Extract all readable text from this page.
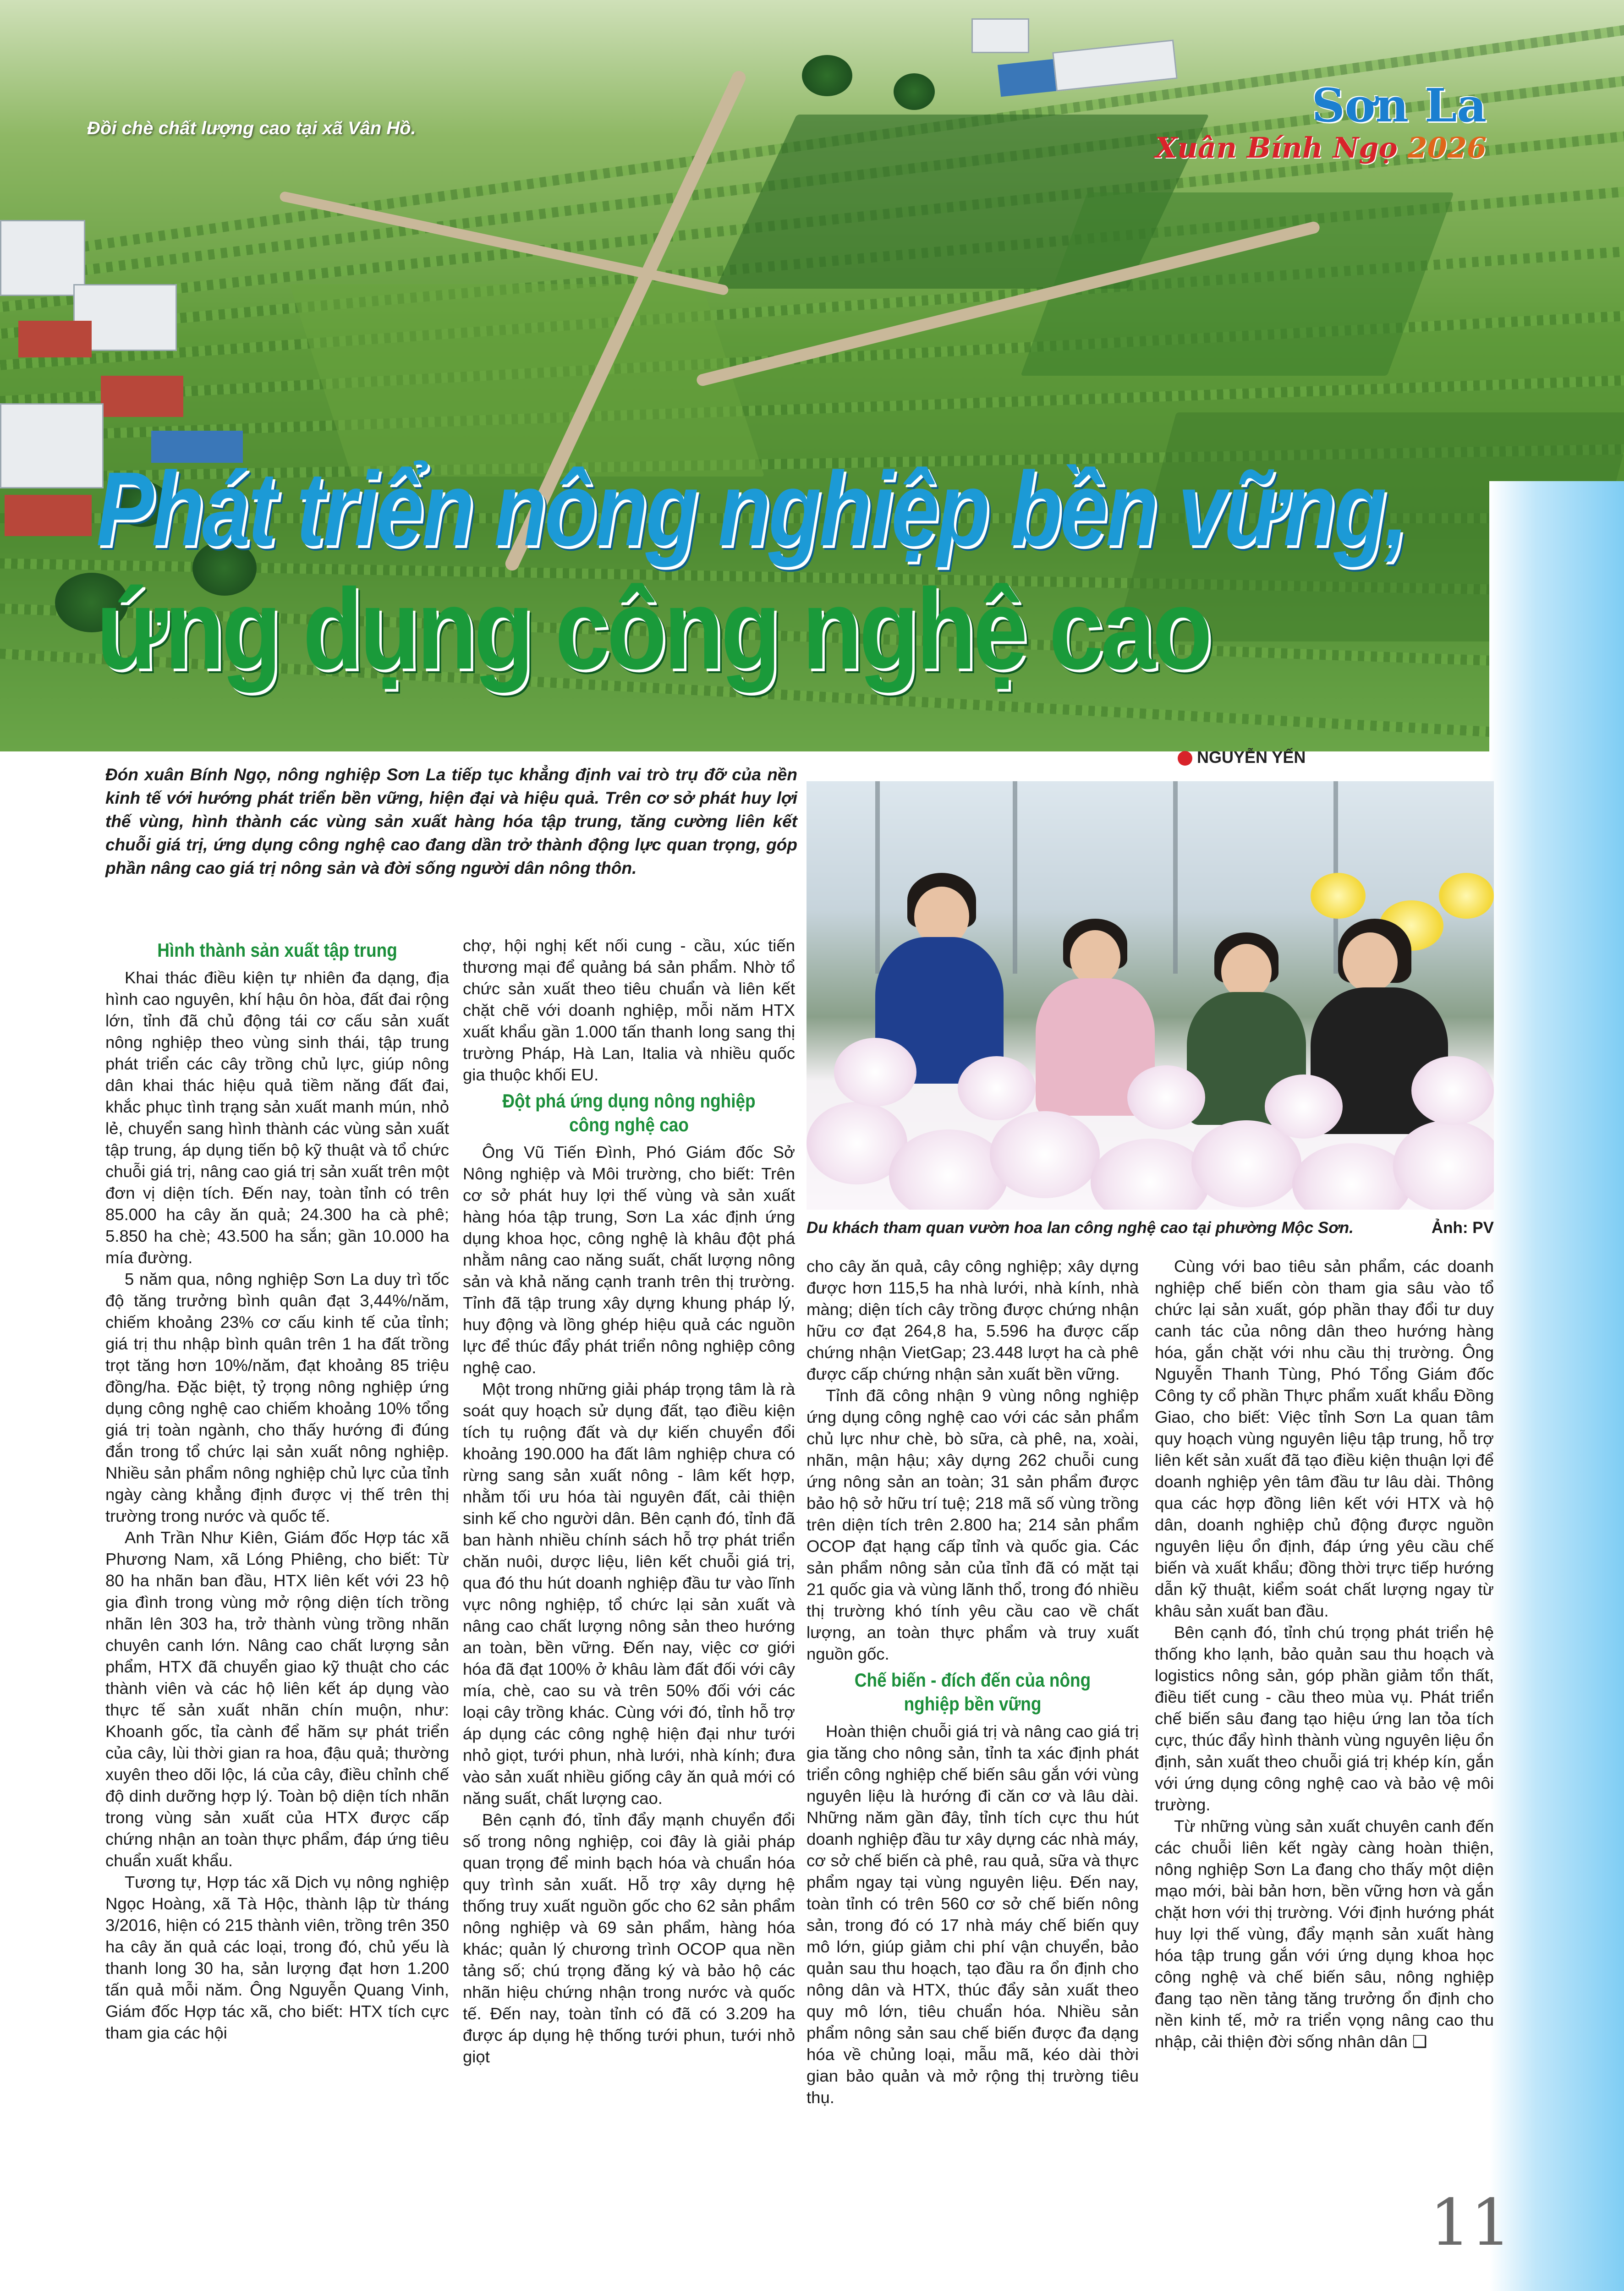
Đồi chè chất lượng cao tại xã Vân Hồ.	Sơn La
Xuân Bính Ngọ 2026
Phát triển nông nghiệp bền vững,
ứng dụng công nghệ cao
NGUYỄN YẾN
Đón xuân Bính Ngọ, nông nghiệp Sơn La tiếp tục khẳng định vai trò trụ đỡ của nền kinh tế với hướng phát triển bền vững, hiện đại và hiệu quả. Trên cơ sở phát huy lợi thế vùng, hình thành các vùng sản xuất hàng hóa tập trung, tăng cường liên kết chuỗi giá trị, ứng dụng công nghệ cao đang dần trở thành động lực quan trọng, góp phần nâng cao giá trị nông sản và đời sống người dân nông thôn.
Du khách tham quan vườn hoa lan công nghệ cao tại phường Mộc Sơn.	Ảnh: PV

Hình thành sản xuất tập trung

Khai thác điều kiện tự nhiên đa dạng, địa hình cao nguyên, khí hậu ôn hòa, đất đai rộng lớn, tỉnh đã chủ động tái cơ cấu sản xuất nông nghiệp theo vùng sinh thái, tập trung phát triển các cây trồng chủ lực, giúp nông dân khai thác hiệu quả tiềm năng đất đai, khắc phục tình trạng sản xuất manh mún, nhỏ lẻ, chuyển sang hình thành các vùng sản xuất tập trung, áp dụng tiến bộ kỹ thuật và tổ chức chuỗi giá trị, nâng cao giá trị sản xuất trên một đơn vị diện tích. Đến nay, toàn tỉnh có trên 85.000 ha cây ăn quả; 24.300 ha cà phê; 5.850 ha chè; 43.500 ha sắn; gần 10.000 ha mía đường.

5 năm qua, nông nghiệp Sơn La duy trì tốc độ tăng trưởng bình quân đạt 3,44%/năm, chiếm khoảng 23% cơ cấu kinh tế của tỉnh; giá trị thu nhập bình quân trên 1 ha đất trồng trọt tăng hơn 10%/năm, đạt khoảng 85 triệu đồng/ha. Đặc biệt, tỷ trọng nông nghiệp ứng dụng công nghệ cao chiếm khoảng 10% tổng giá trị toàn ngành, cho thấy hướng đi đúng đắn trong tổ chức lại sản xuất nông nghiệp. Nhiều sản phẩm nông nghiệp chủ lực của tỉnh ngày càng khẳng định được vị thế trên thị trường trong nước và quốc tế.

Anh Trần Như Kiên, Giám đốc Hợp tác xã Phương Nam, xã Lóng Phiêng, cho biết: Từ 80 ha nhãn ban đầu, HTX liên kết với 23 hộ gia đình trong vùng mở rộng diện tích trồng nhãn lên 303 ha, trở thành vùng trồng nhãn chuyên canh lớn. Nâng cao chất lượng sản phẩm, HTX đã chuyển giao kỹ thuật cho các thành viên và các hộ liên kết áp dụng vào thực tế sản xuất nhãn chín muộn, như: Khoanh gốc, tỉa cành để hãm sự phát triển của cây, lùi thời gian ra hoa, đậu quả; thường xuyên theo dõi lộc, lá của cây, điều chỉnh chế độ dinh dưỡng hợp lý. Toàn bộ diện tích nhãn trong vùng sản xuất của HTX được cấp chứng nhận an toàn thực phẩm, đáp ứng tiêu chuẩn xuất khẩu.

Tương tự, Hợp tác xã Dịch vụ nông nghiệp Ngọc Hoàng, xã Tà Hộc, thành lập từ tháng 3/2016, hiện có 215 thành viên, trồng trên 350 ha cây ăn quả các loại, trong đó, chủ yếu là thanh long 30 ha, sản lượng đạt hơn 1.200 tấn quả mỗi năm. Ông Nguyễn Quang Vinh, Giám đốc Hợp tác xã, cho biết: HTX tích cực tham gia các hội

chợ, hội nghị kết nối cung - cầu, xúc tiến thương mại để quảng bá sản phẩm. Nhờ tổ chức sản xuất theo tiêu chuẩn và liên kết chặt chẽ với doanh nghiệp, mỗi năm HTX xuất khẩu gần 1.000 tấn thanh long sang thị trường Pháp, Hà Lan, Italia và nhiều quốc gia thuộc khối EU.

Đột phá ứng dụng nông nghiệp công nghệ cao

Ông Vũ Tiến Đình, Phó Giám đốc Sở Nông nghiệp và Môi trường, cho biết: Trên cơ sở phát huy lợi thế vùng và sản xuất hàng hóa tập trung, Sơn La xác định ứng dụng khoa học, công nghệ là khâu đột phá nhằm nâng cao năng suất, chất lượng nông sản và khả năng cạnh tranh trên thị trường. Tỉnh đã tập trung xây dựng khung pháp lý, huy động và lồng ghép hiệu quả các nguồn lực để thúc đẩy phát triển nông nghiệp công nghệ cao.

Một trong những giải pháp trọng tâm là rà soát quy hoạch sử dụng đất, tạo điều kiện tích tụ ruộng đất và dự kiến chuyển đổi khoảng 190.000 ha đất lâm nghiệp chưa có rừng sang sản xuất nông - lâm kết hợp, nhằm tối ưu hóa tài nguyên đất, cải thiện sinh kế cho người dân. Bên cạnh đó, tỉnh đã ban hành nhiều chính sách hỗ trợ phát triển chăn nuôi, dược liệu, liên kết chuỗi giá trị, qua đó thu hút doanh nghiệp đầu tư vào lĩnh vực nông nghiệp, tổ chức lại sản xuất và nâng cao chất lượng nông sản theo hướng an toàn, bền vững. Đến nay, việc cơ giới hóa đã đạt 100% ở khâu làm đất đối với cây mía, chè, cao su và trên 50% đối với các loại cây trồng khác. Cùng với đó, tỉnh hỗ trợ áp dụng các công nghệ hiện đại như tưới nhỏ giọt, tưới phun, nhà lưới, nhà kính; đưa vào sản xuất nhiều giống cây ăn quả mới có năng suất, chất lượng cao.

Bên cạnh đó, tỉnh đẩy mạnh chuyển đổi số trong nông nghiệp, coi đây là giải pháp quan trọng để minh bạch hóa và chuẩn hóa quy trình sản xuất. Hỗ trợ xây dựng hệ thống truy xuất nguồn gốc cho 62 sản phẩm nông nghiệp và 69 sản phẩm, hàng hóa khác; quản lý chương trình OCOP qua nền tảng số; chú trọng đăng ký và bảo hộ các nhãn hiệu chứng nhận trong nước và quốc tế. Đến nay, toàn tỉnh có đã có 3.209 ha được áp dụng hệ thống tưới phun, tưới nhỏ giọt

cho cây ăn quả, cây công nghiệp; xây dựng được hơn 115,5 ha nhà lưới, nhà kính, nhà màng; diện tích cây trồng được chứng nhận hữu cơ đạt 264,8 ha, 5.596 ha được cấp chứng nhận VietGap; 23.448 lượt ha cà phê được cấp chứng nhận sản xuất bền vững.

Tỉnh đã công nhận 9 vùng nông nghiệp ứng dụng công nghệ cao với các sản phẩm chủ lực như chè, bò sữa, cà phê, na, xoài, nhãn, mận hậu; xây dựng 262 chuỗi cung ứng nông sản an toàn; 31 sản phẩm được bảo hộ sở hữu trí tuệ; 218 mã số vùng trồng trên diện tích trên 2.800 ha; 214 sản phẩm OCOP đạt hạng cấp tỉnh và quốc gia. Các sản phẩm nông sản của tỉnh đã có mặt tại 21 quốc gia và vùng lãnh thổ, trong đó nhiều thị trường khó tính yêu cầu cao về chất lượng, an toàn thực phẩm và truy xuất nguồn gốc.

Chế biến - đích đến của nông nghiệp bền vững

Hoàn thiện chuỗi giá trị và nâng cao giá trị gia tăng cho nông sản, tỉnh ta xác định phát triển công nghiệp chế biến sâu gắn với vùng nguyên liệu là hướng đi căn cơ và lâu dài. Những năm gần đây, tỉnh tích cực thu hút doanh nghiệp đầu tư xây dựng các nhà máy, cơ sở chế biến cà phê, rau quả, sữa và thực phẩm ngay tại vùng nguyên liệu. Đến nay, toàn tỉnh có trên 560 cơ sở chế biến nông sản, trong đó có 17 nhà máy chế biến quy mô lớn, giúp giảm chi phí vận chuyển, bảo quản sau thu hoạch, tạo đầu ra ổn định cho nông dân và HTX, thúc đẩy sản xuất theo quy mô lớn, tiêu chuẩn hóa. Nhiều sản phẩm nông sản sau chế biến được đa dạng hóa về chủng loại, mẫu mã, kéo dài thời gian bảo quản và mở rộng thị trường tiêu thụ.

Cùng với bao tiêu sản phẩm, các doanh nghiệp chế biến còn tham gia sâu vào tổ chức lại sản xuất, góp phần thay đổi tư duy canh tác của nông dân theo hướng hàng hóa, gắn chặt với nhu cầu thị trường. Ông Nguyễn Thanh Tùng, Phó Tổng Giám đốc Công ty cổ phần Thực phẩm xuất khẩu Đồng Giao, cho biết: Việc tỉnh Sơn La quan tâm quy hoạch vùng nguyên liệu tập trung, hỗ trợ liên kết sản xuất đã tạo điều kiện thuận lợi để doanh nghiệp yên tâm đầu tư lâu dài. Thông qua các hợp đồng liên kết với HTX và hộ dân, doanh nghiệp chủ động được nguồn nguyên liệu ổn định, đáp ứng yêu cầu chế biến và xuất khẩu; đồng thời trực tiếp hướng dẫn kỹ thuật, kiểm soát chất lượng ngay từ khâu sản xuất ban đầu.

Bên cạnh đó, tỉnh chú trọng phát triển hệ thống kho lạnh, bảo quản sau thu hoạch và logistics nông sản, góp phần giảm tổn thất, điều tiết cung - cầu theo mùa vụ. Phát triển chế biến sâu đang tạo hiệu ứng lan tỏa tích cực, thúc đẩy hình thành vùng nguyên liệu ổn định, sản xuất theo chuỗi giá trị khép kín, gắn với ứng dụng công nghệ cao và bảo vệ môi trường.

Từ những vùng sản xuất chuyên canh đến các chuỗi liên kết ngày càng hoàn thiện, nông nghiệp Sơn La đang cho thấy một diện mạo mới, bài bản hơn, bền vững hơn và gắn chặt hơn với thị trường. Với định hướng phát huy lợi thế vùng, đẩy mạnh sản xuất hàng hóa tập trung gắn với ứng dụng khoa học công nghệ và chế biến sâu, nông nghiệp đang tạo nền tảng tăng trưởng ổn định cho nền kinh tế, mở ra triển vọng nâng cao thu nhập, cải thiện đời sống nhân dân ❑

11
